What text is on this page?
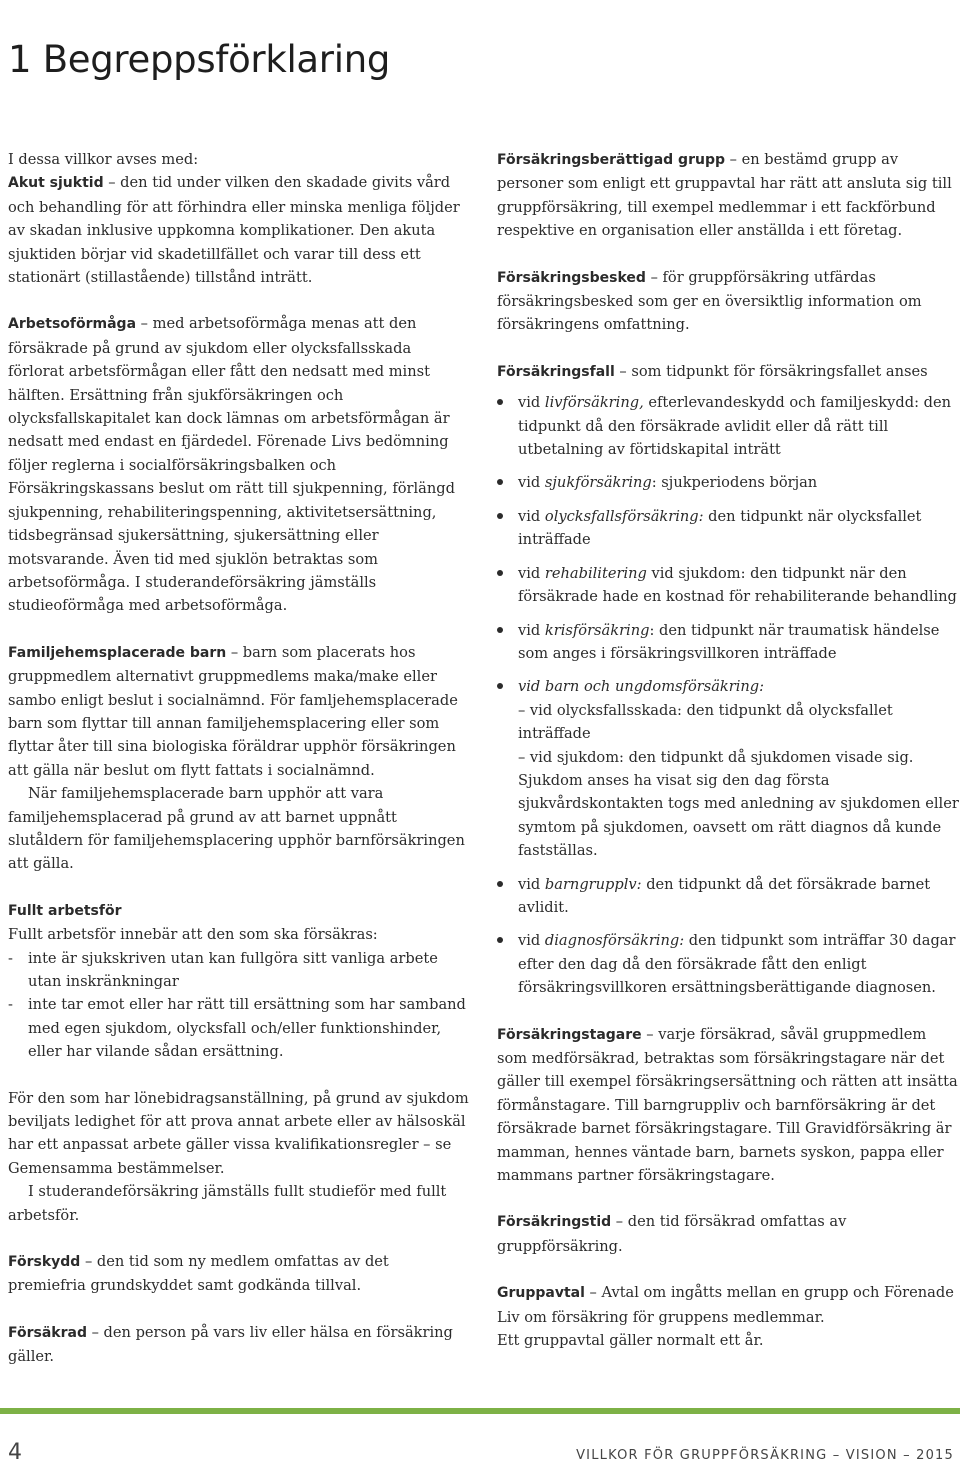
1 Begreppsförklaring

I dessa villkor avses med:

Akut sjuktid – den tid under vilken den skadade givits vård och behandling för att förhindra eller minska menliga följder av skadan inklusive uppkomna komplikationer. Den akuta sjuktiden börjar vid skadetillfället och varar till dess ett stationärt (stillastående) tillstånd inträtt.

Arbetsoförmåga – med arbetsoförmåga menas att den försäkrade på grund av sjukdom eller olycksfallsskada förlorat arbetsförmågan eller fått den nedsatt med minst hälften. Ersättning från sjukförsäkringen och olycksfallskapitalet kan dock lämnas om arbetsförmågan är nedsatt med endast en fjärdedel. Förenade Livs bedömning följer reglerna i socialförsäkringsbalken och Försäkringskassans beslut om rätt till sjukpenning, förlängd sjukpenning, rehabiliteringspenning, aktivitetsersättning, tidsbegränsad sjukersättning, sjukersättning eller motsvarande. Även tid med sjuklön betraktas som arbetsoförmåga. I studerandeförsäkring jämställs studieoförmåga med arbetsoförmåga.

Familjehemsplacerade barn – barn som placerats hos gruppmedlem alternativt gruppmedlems maka/make eller sambo enligt beslut i socialnämnd. För famljehemsplacerade barn som flyttar till annan familjehemsplacering eller som flyttar åter till sina biologiska föräldrar upphör försäkringen att gälla när beslut om flytt fattats i socialnämnd.

När familjehemsplacerade barn upphör att vara familjehemsplacerad på grund av att barnet uppnått slutåldern för familjehemsplacering upphör barnförsäkringen att gälla.

Fullt arbetsför

Fullt arbetsför innebär att den som ska försäkras:

- inte är sjukskriven utan kan fullgöra sitt vanliga arbete utan inskränkningar
- inte tar emot eller har rätt till ersättning som har samband med egen sjukdom, olycksfall och/eller funktionshinder, eller har vilande sådan ersättning.

För den som har lönebidragsanställning, på grund av sjukdom beviljats ledighet för att prova annat arbete eller av hälsoskäl har ett anpassat arbete gäller vissa kvalifikationsregler – se Gemensamma bestämmelser.

I studerandeförsäkring jämställs fullt studieför med fullt arbetsför.

Förskydd – den tid som ny medlem omfattas av det premiefria grundskyddet samt godkända tillval.

Försäkrad – den person på vars liv eller hälsa en försäkring gäller.

Försäkringsberättigad grupp – en bestämd grupp av personer som enligt ett gruppavtal har rätt att ansluta sig till gruppförsäkring, till exempel medlemmar i ett fackförbund respektive en organisation eller anställda i ett företag.

Försäkringsbesked – för gruppförsäkring utfärdas försäkringsbesked som ger en översiktlig information om försäkringens omfattning.

Försäkringsfall – som tidpunkt för försäkringsfallet anses

vid livförsäkring, efterlevandeskydd och familjeskydd: den tidpunkt då den försäkrade avlidit eller då rätt till utbetalning av förtidskapital inträtt
vid sjukförsäkring: sjukperiodens början
vid olycksfallsförsäkring: den tidpunkt när olycksfallet inträffade
vid rehabilitering vid sjukdom: den tidpunkt när den försäkrade hade en kostnad för rehabiliterande behandling
vid krisförsäkring: den tidpunkt när traumatisk händelse som anges i försäkringsvillkoren inträffade
vid barn och ungdomsförsäkring:
– vid olycksfallsskada: den tidpunkt då olycksfallet inträffade
– vid sjukdom: den tidpunkt då sjukdomen visade sig. Sjukdom anses ha visat sig den dag första sjukvårdskontakten togs med anledning av sjukdomen eller symtom på sjukdomen, oavsett om rätt diagnos då kunde fastställas.
vid barngrupplv: den tidpunkt då det försäkrade barnet avlidit.
vid diagnosförsäkring: den tidpunkt som inträffar 30 dagar efter den dag då den försäkrade fått den enligt försäkringsvillkoren ersättningsberättigande diagnosen.

Försäkringstagare – varje försäkrad, såväl gruppmedlem som medförsäkrad, betraktas som försäkringstagare när det gäller till exempel försäkringsersättning och rätten att insätta förmånstagare. Till barngruppliv och barnförsäkring är det försäkrade barnet försäkringstagare. Till Gravidförsäkring är mamman, hennes väntade barn, barnets syskon, pappa eller mammans partner försäkringstagare.

Försäkringstid – den tid försäkrad omfattas av gruppförsäkring.

Gruppavtal – Avtal om ingåtts mellan en grupp och Förenade Liv om försäkring för gruppens medlemmar.

Ett gruppavtal gäller normalt ett år.

4	VILLKOR FÖR GRUPPFÖRSÄKRING – VISION – 2015
